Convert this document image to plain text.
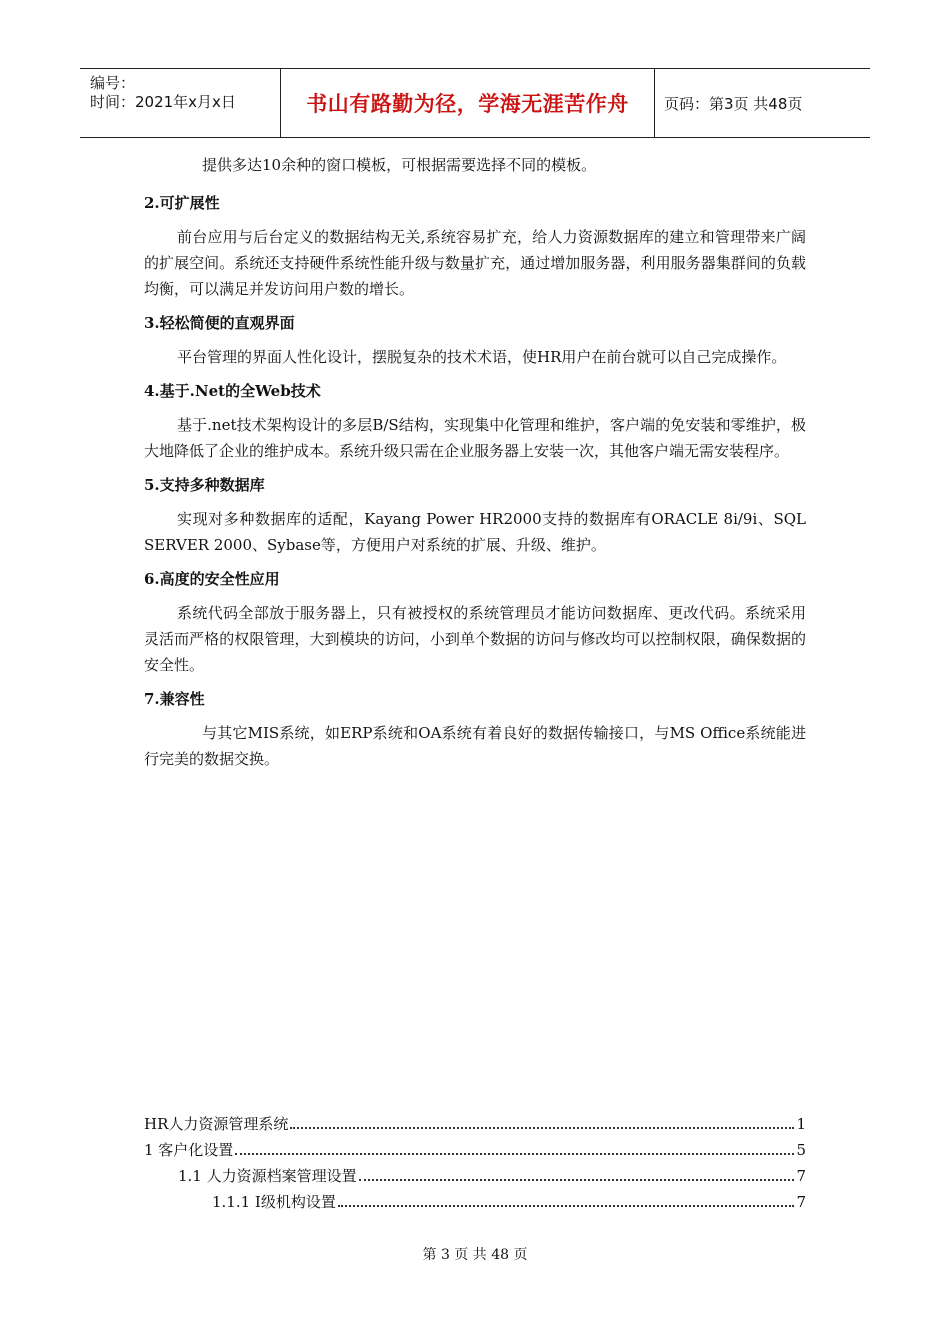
编号：
时间：2021年x月x日	书山有路勤为径，学海无涯苦作舟	页码：第3页 共48页

提供多达10余种的窗口模板，可根据需要选择不同的模板。

2.可扩展性

前台应用与后台定义的数据结构无关,系统容易扩充，给人力资源数据库的建立和管理带来广阔的扩展空间。系统还支持硬件系统性能升级与数量扩充，通过增加服务器，利用服务器集群间的负载均衡，可以满足并发访问用户数的增长。

3.轻松简便的直观界面

平台管理的界面人性化设计，摆脱复杂的技术术语，使HR用户在前台就可以自己完成操作。

4.基于.Net的全Web技术

基于.net技术架构设计的多层B/S结构，实现集中化管理和维护，客户端的免安装和零维护，极大地降低了企业的维护成本。系统升级只需在企业服务器上安装一次，其他客户端无需安装程序。

5.支持多种数据库

实现对多种数据库的适配，Kayang Power HR2000支持的数据库有ORACLE 8i/9i、SQL SERVER 2000、Sybase等，方便用户对系统的扩展、升级、维护。

6.高度的安全性应用

系统代码全部放于服务器上，只有被授权的系统管理员才能访问数据库、更改代码。系统采用灵活而严格的权限管理，大到模块的访问，小到单个数据的访问与修改均可以控制权限，确保数据的安全性。

7.兼容性

与其它MIS系统，如ERP系统和OA系统有着良好的数据传输接口，与MS Office系统能进行完美的数据交换。

HR人力资源管理系统	1
1 客户化设置	5
1.1 人力资源档案管理设置	7
1.1.1 I级机构设置	7
第 3 页 共 48 页
